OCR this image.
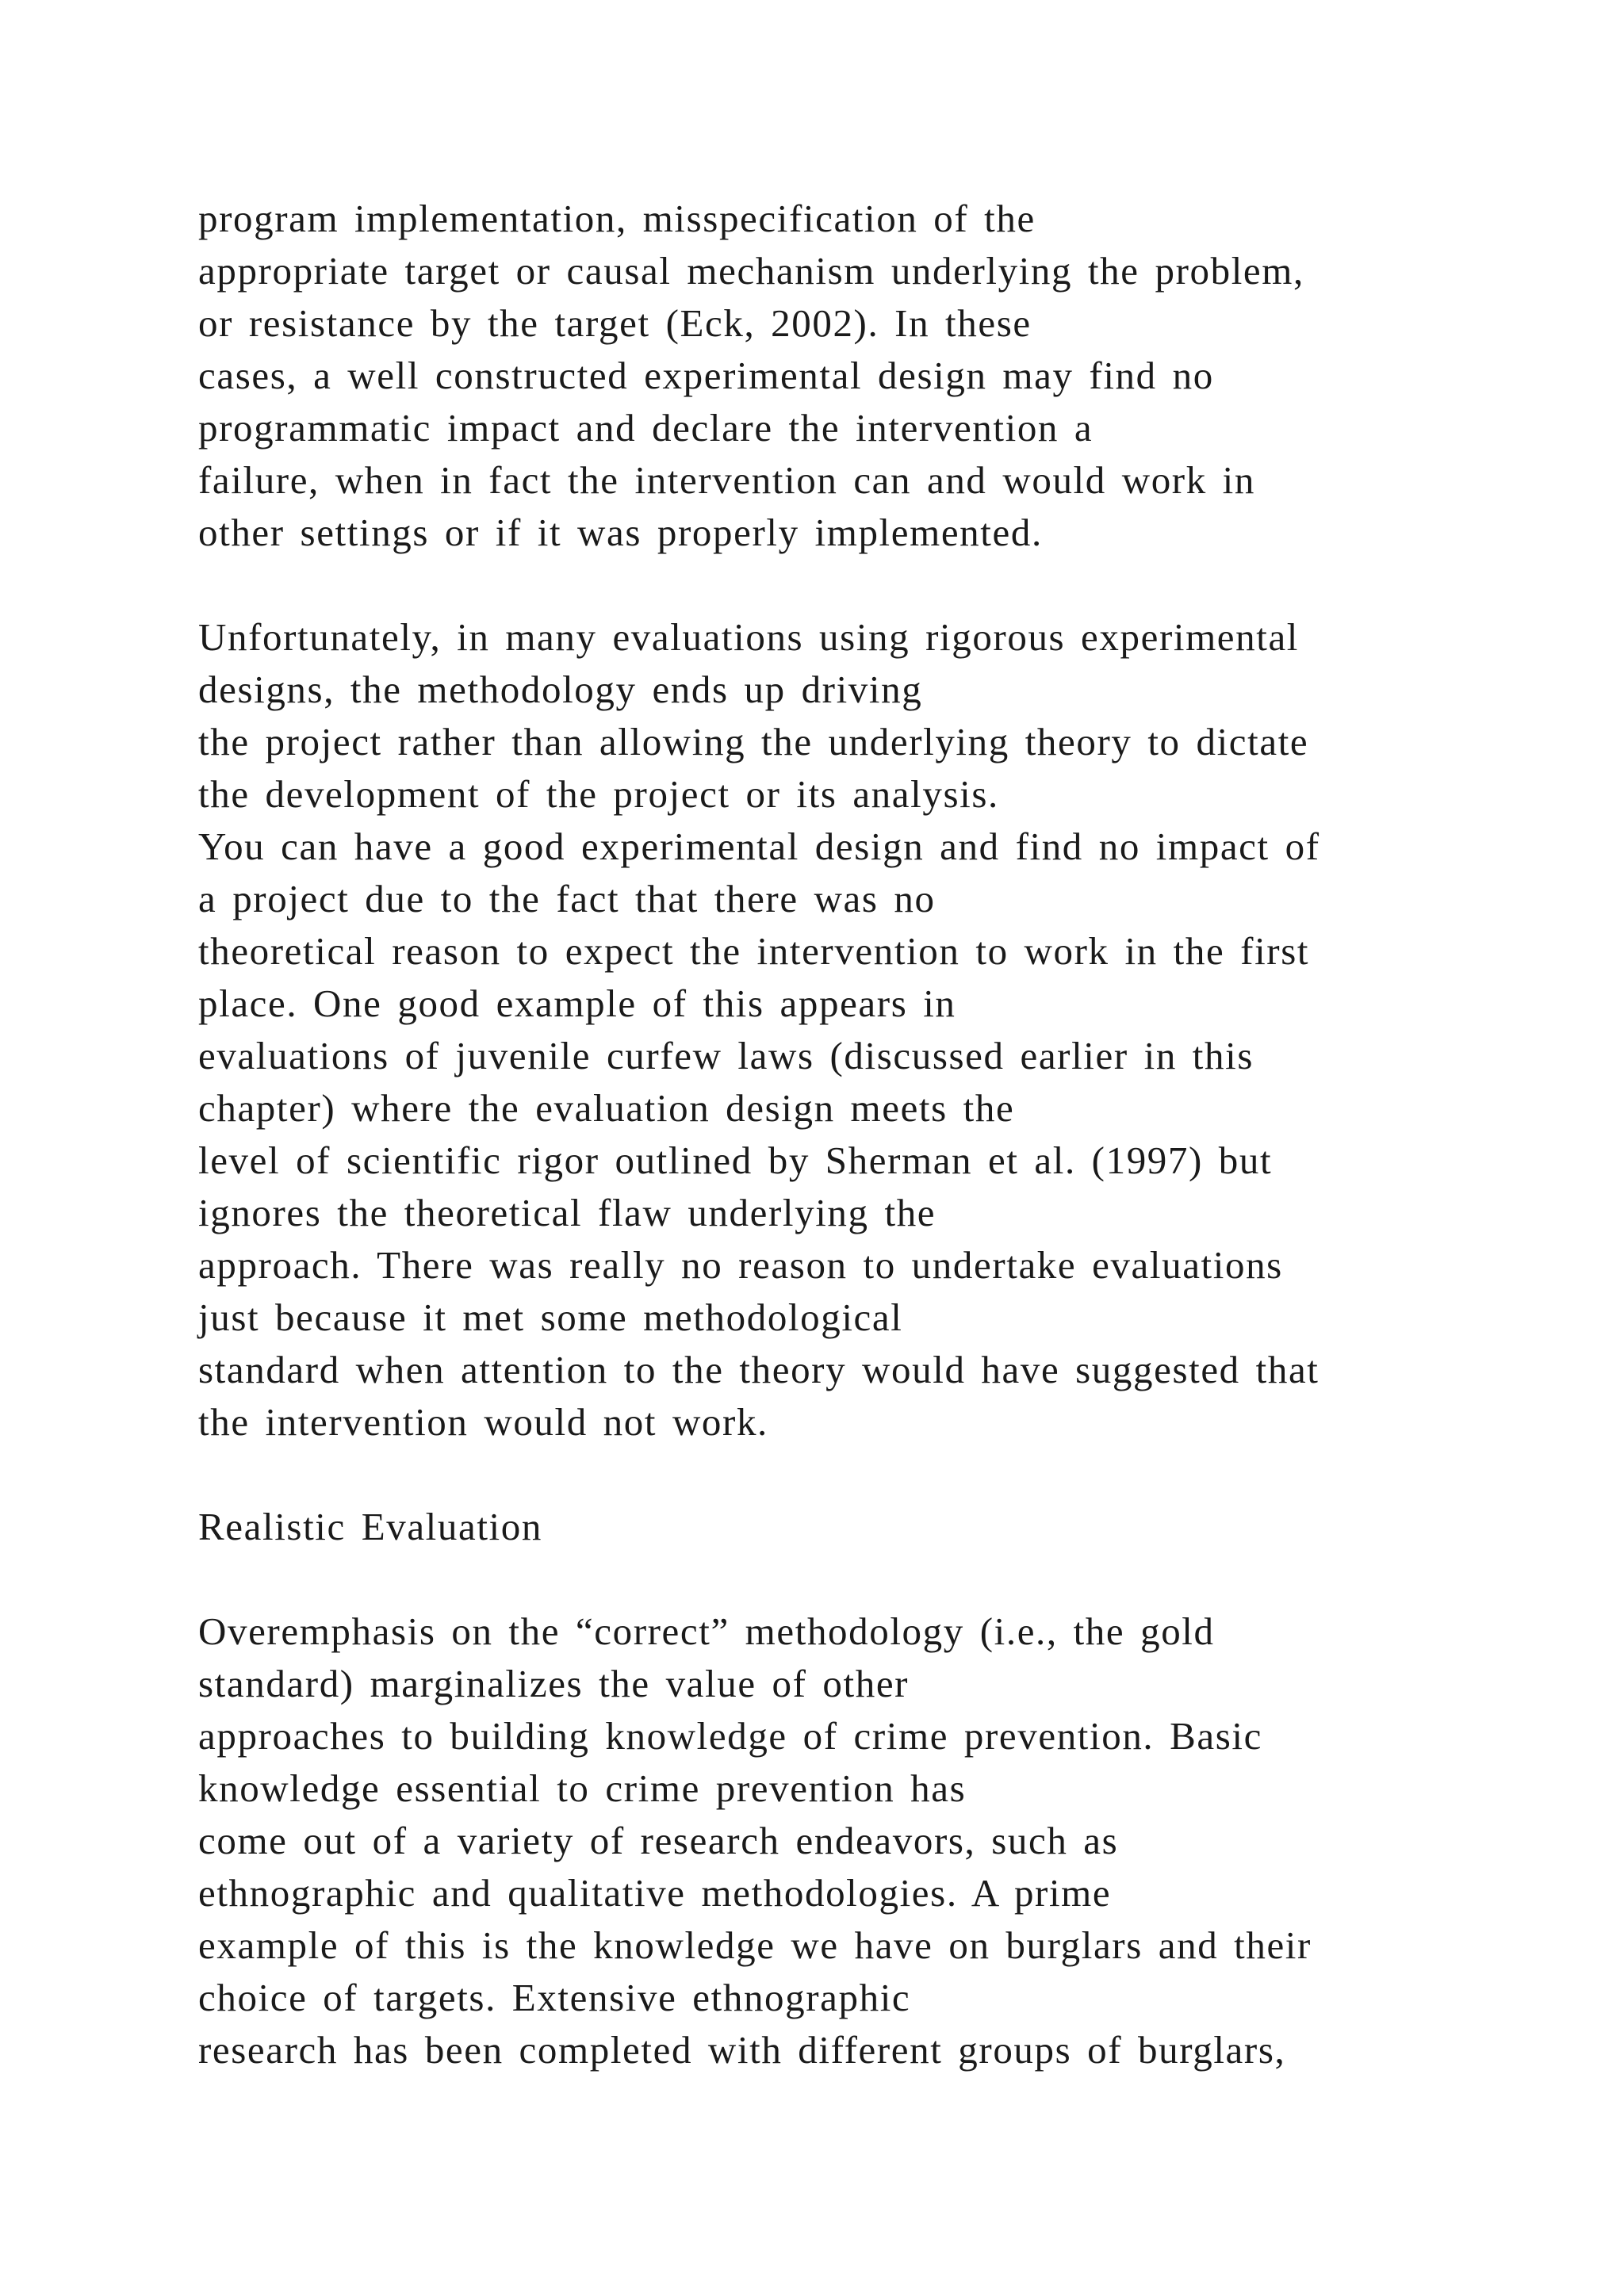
program implementation, misspecification of the
appropriate target or causal mechanism underlying the problem,
or resistance by the target (Eck, 2002). In these
cases, a well constructed experimental design may find no
programmatic impact and declare the intervention a
failure, when in fact the intervention can and would work in
other settings or if it was properly implemented.
Unfortunately, in many evaluations using rigorous experimental
designs, the methodology ends up driving
the project rather than allowing the underlying theory to dictate
the development of the project or its analysis.
You can have a good experimental design and find no impact of
a project due to the fact that there was no
theoretical reason to expect the intervention to work in the first
place. One good example of this appears in
evaluations of juvenile curfew laws (discussed earlier in this
chapter) where the evaluation design meets the
level of scientific rigor outlined by Sherman et al. (1997) but
ignores the theoretical flaw underlying the
approach. There was really no reason to undertake evaluations
just because it met some methodological
standard when attention to the theory would have suggested that
the intervention would not work.
Realistic Evaluation
Overemphasis on the “correct” methodology (i.e., the gold
standard) marginalizes the value of other
approaches to building knowledge of crime prevention. Basic
knowledge essential to crime prevention has
come out of a variety of research endeavors, such as
ethnographic and qualitative methodologies. A prime
example of this is the knowledge we have on burglars and their
choice of targets. Extensive ethnographic
research has been completed with different groups of burglars,
